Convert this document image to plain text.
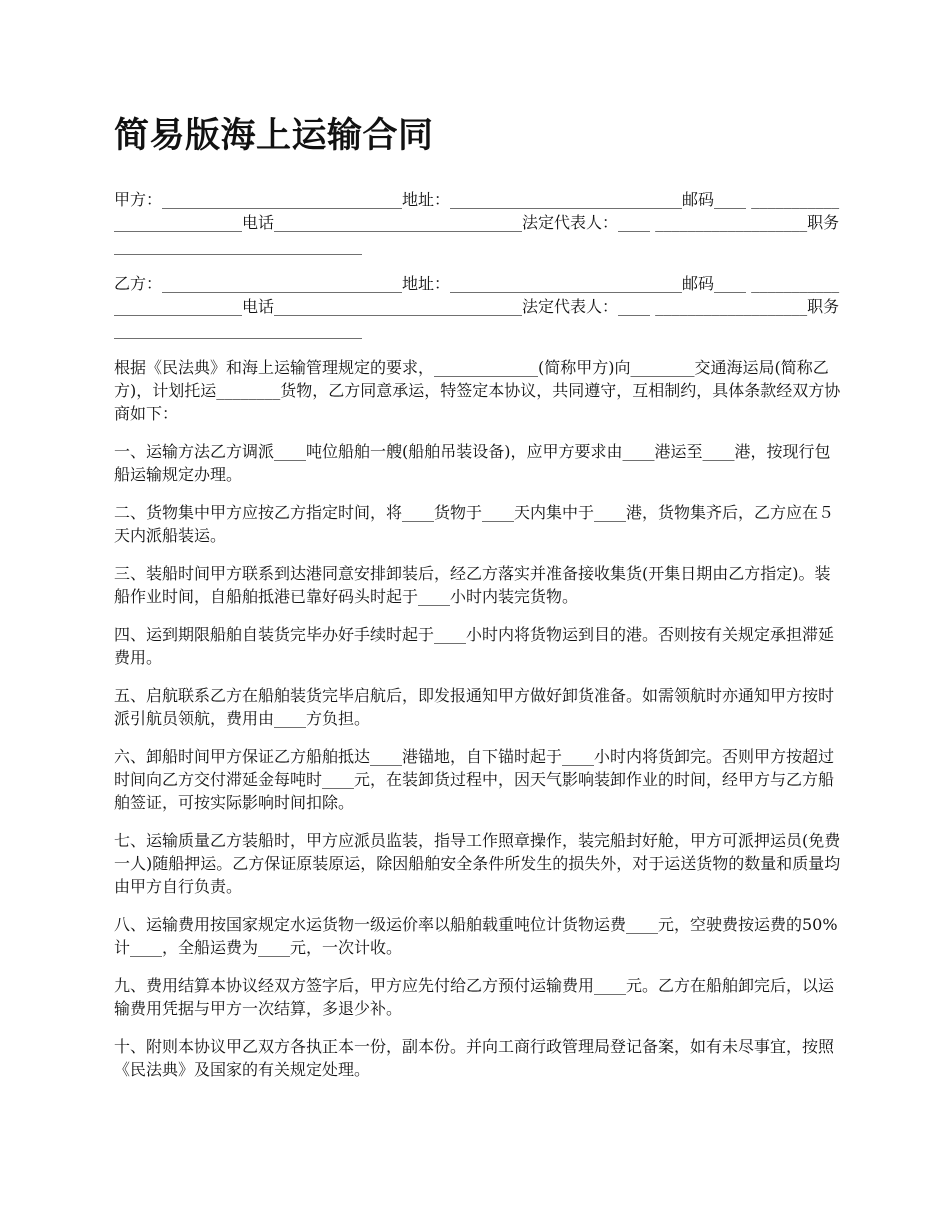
简易版海上运输合同

甲方：______________________________地址：_____________________________邮码____ ___________________________电话_______________________________法定代表人：____ ___________________职务_______________________________

乙方：______________________________地址：_____________________________邮码____ ___________________________电话_______________________________法定代表人：____ ___________________职务_______________________________

根据《民法典》和海上运输管理规定的要求，_____________(简称甲方)向________交通海运局(简称乙方)，计划托运________货物，乙方同意承运，特签定本协议，共同遵守，互相制约，具体条款经双方协商如下：

一、运输方法乙方调派____吨位船舶一艘(船舶吊装设备)，应甲方要求由____港运至____港，按现行包船运输规定办理。

二、货物集中甲方应按乙方指定时间，将____货物于____天内集中于____港，货物集齐后，乙方应在５天内派船装运。

三、装船时间甲方联系到达港同意安排卸装后，经乙方落实并准备接收集货(开集日期由乙方指定)。装船作业时间，自船舶抵港已靠好码头时起于____小时内装完货物。

四、运到期限船舶自装货完毕办好手续时起于____小时内将货物运到目的港。否则按有关规定承担滞延费用。

五、启航联系乙方在船舶装货完毕启航后，即发报通知甲方做好卸货准备。如需领航时亦通知甲方按时派引航员领航，费用由____方负担。

六、卸船时间甲方保证乙方船舶抵达____港锚地，自下锚时起于____小时内将货卸完。否则甲方按超过时间向乙方交付滞延金每吨时____元，在装卸货过程中，因天气影响装卸作业的时间，经甲方与乙方船舶签证，可按实际影响时间扣除。

七、运输质量乙方装船时，甲方应派员监装，指导工作照章操作，装完船封好舱，甲方可派押运员(免费一人)随船押运。乙方保证原装原运，除因船舶安全条件所发生的损失外，对于运送货物的数量和质量均由甲方自行负责。

八、运输费用按国家规定水运货物一级运价率以船舶载重吨位计货物运费____元，空驶费按运费的50%计____，全船运费为____元，一次计收。

九、费用结算本协议经双方签字后，甲方应先付给乙方预付运输费用____元。乙方在船舶卸完后，以运输费用凭据与甲方一次结算，多退少补。

十、附则本协议甲乙双方各执正本一份，副本份。并向工商行政管理局登记备案，如有未尽事宜，按照《民法典》及国家的有关规定处理。
